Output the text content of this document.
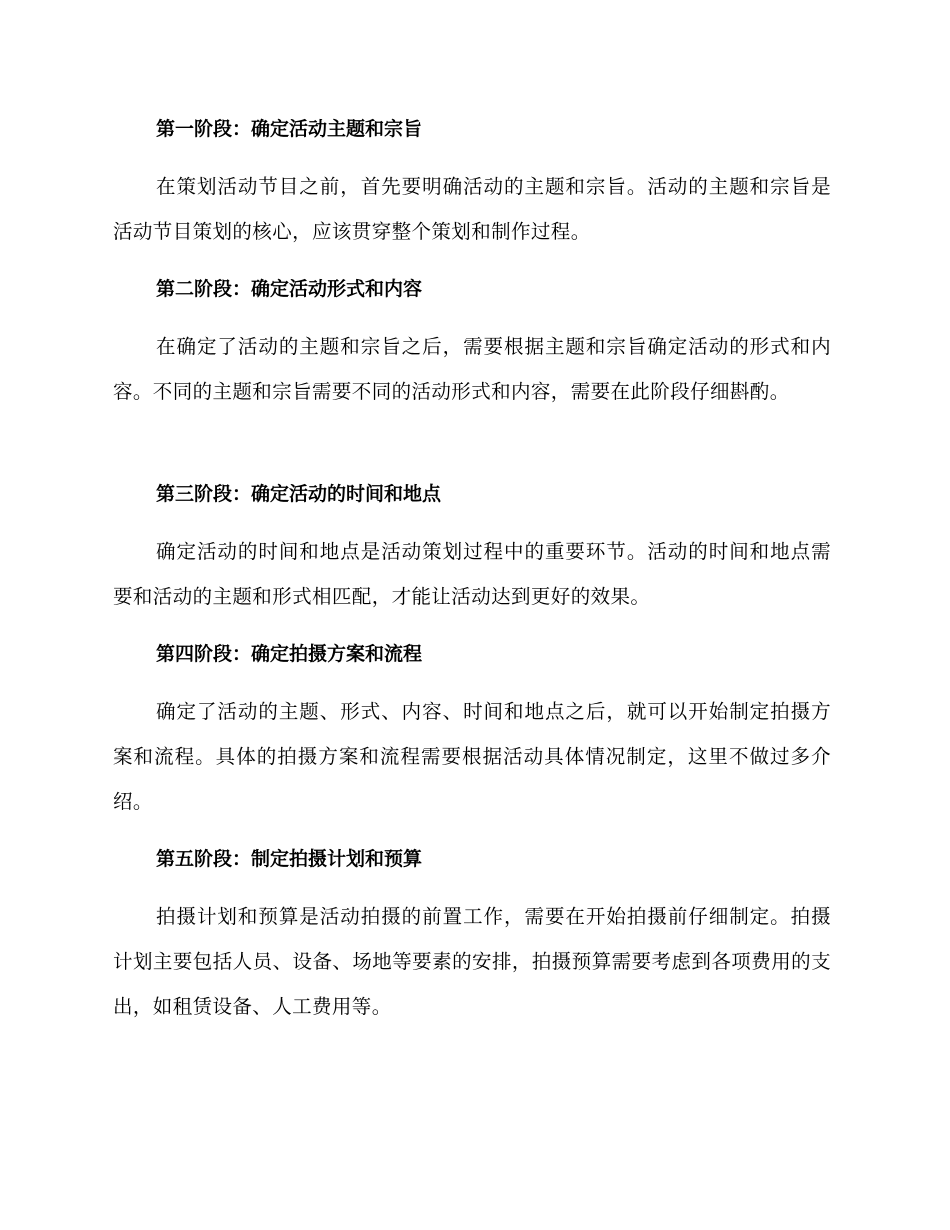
第一阶段：确定活动主题和宗旨

在策划活动节目之前，首先要明确活动的主题和宗旨。活动的主题和宗旨是活动节目策划的核心，应该贯穿整个策划和制作过程。

第二阶段：确定活动形式和内容

在确定了活动的主题和宗旨之后，需要根据主题和宗旨确定活动的形式和内容。不同的主题和宗旨需要不同的活动形式和内容，需要在此阶段仔细斟酌。

第三阶段：确定活动的时间和地点

确定活动的时间和地点是活动策划过程中的重要环节。活动的时间和地点需要和活动的主题和形式相匹配，才能让活动达到更好的效果。

第四阶段：确定拍摄方案和流程

确定了活动的主题、形式、内容、时间和地点之后，就可以开始制定拍摄方案和流程。具体的拍摄方案和流程需要根据活动具体情况制定，这里不做过多介绍。

第五阶段：制定拍摄计划和预算

拍摄计划和预算是活动拍摄的前置工作，需要在开始拍摄前仔细制定。拍摄计划主要包括人员、设备、场地等要素的安排，拍摄预算需要考虑到各项费用的支出，如租赁设备、人工费用等。
